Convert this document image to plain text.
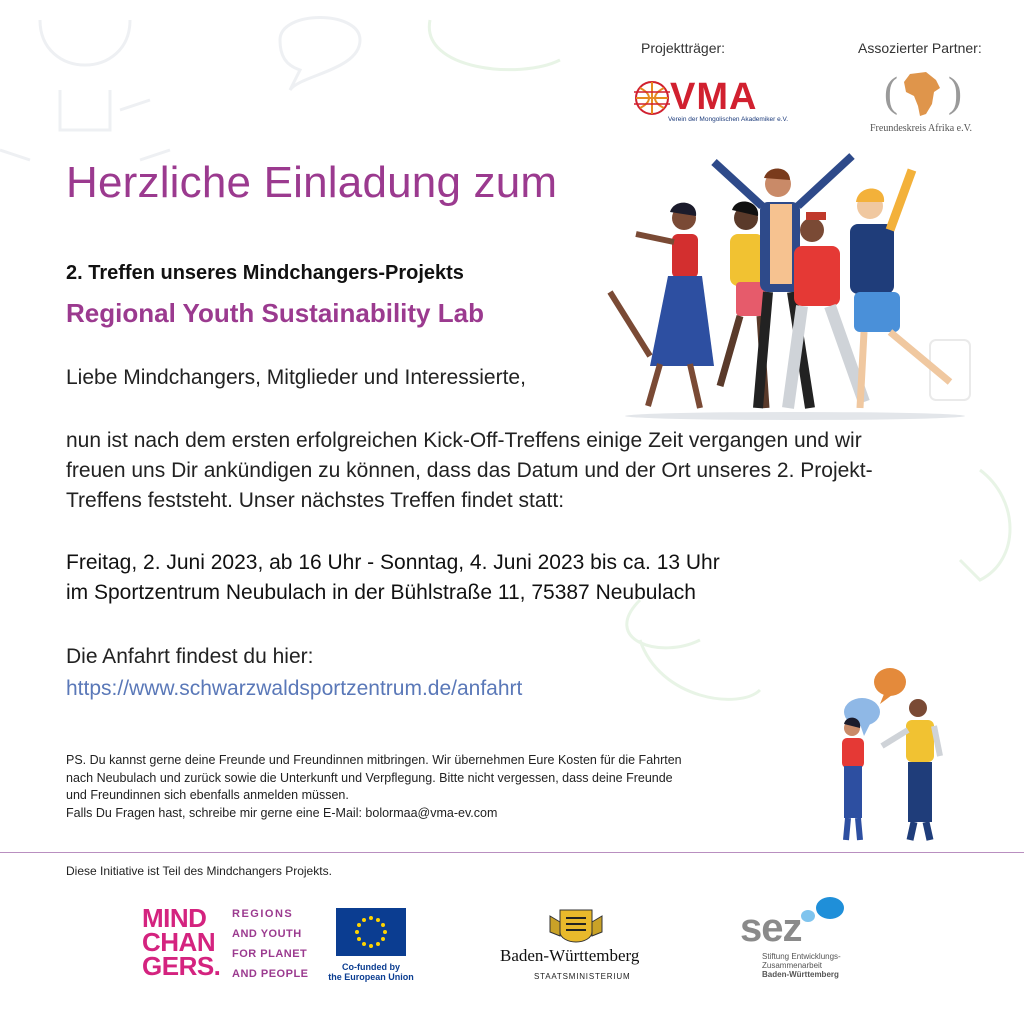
Projektträger:	Assozierter Partner:
VMA
Verein der Mongolischen Akademiker e.V.
( )
Freundeskreis Afrika e.V.
Herzliche Einladung zum
2. Treffen unseres Mindchangers-Projekts
Regional Youth Sustainability Lab
Liebe Mindchangers, Mitglieder und Interessierte,
nun ist nach dem ersten erfolgreichen Kick-Off-Treffens einige Zeit vergangen und wir
freuen uns Dir ankündigen zu können, dass das Datum und der Ort unseres 2. Projekt-
Treffens feststeht. Unser nächstes Treffen findet statt:
Freitag, 2. Juni 2023, ab 16 Uhr - Sonntag, 4. Juni 2023 bis ca. 13 Uhr
im Sportzentrum Neubulach in der Bühlstraße 11, 75387 Neubulach
Die Anfahrt findest du hier:
https://www.schwarzwaldsportzentrum.de/anfahrt
PS. Du kannst gerne deine Freunde und Freundinnen mitbringen. Wir übernehmen Eure Kosten für die Fahrten
nach Neubulach und zurück sowie die Unterkunft und Verpflegung. Bitte nicht vergessen, dass deine Freunde
und Freundinnen sich ebenfalls anmelden müssen.
Falls Du Fragen hast, schreibe mir gerne eine E-Mail: bolormaa@vma-ev.com
Diese Initiative ist Teil des Mindchangers Projekts.
MIND
CHAN
GERS.
REGIONS
AND YOUTH
FOR PLANET
AND PEOPLE
Co-funded by
the European Union
Baden-Württemberg
STAATSMINISTERIUM
sez
Stiftung Entwicklungs-
Zusammenarbeit
Baden-Württemberg
